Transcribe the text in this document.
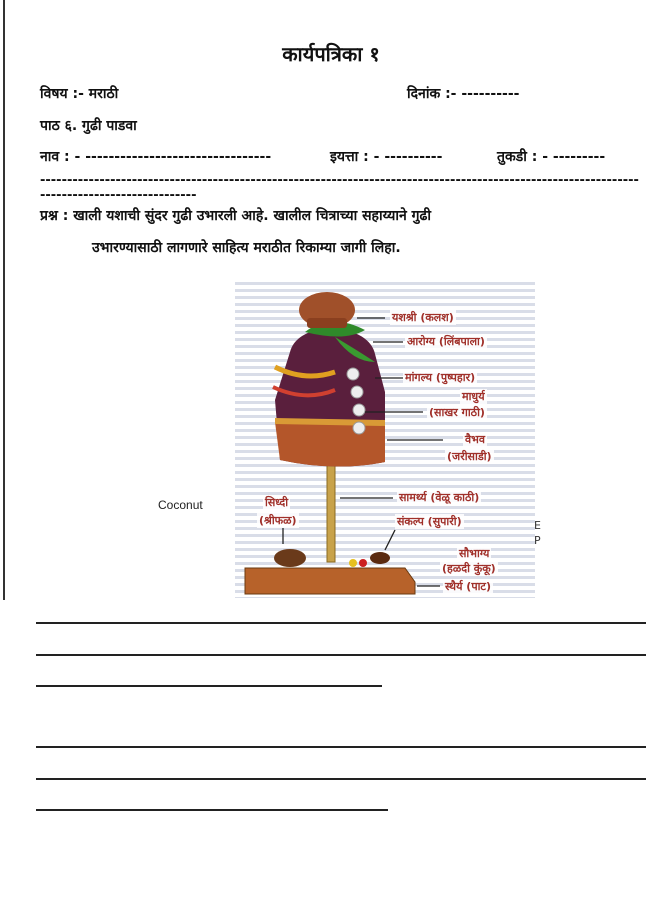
कार्यपत्रिका १
विषय :- मराठी	दिनांक :- ----------
पाठ ६. गुढी पाडवा
नाव : - --------------------------------	इयत्ता : - ----------	तुकडी : - ---------
--------------------------------------------------------------------------------------------------------------------------------------------
प्रश्न : खाली यशाची सुंदर गुढी उभारली आहे. खालील चित्राच्या सहाय्याने गुढी
उभारण्यासाठी लागणारे साहित्य मराठीत रिकाम्या जागी लिहा.
यशश्री (कलश)
आरोग्य (लिंबपाला)
मांगल्य (पुष्पहार)
माधुर्य
(साखर गाठी)
वैभव
(जरीसाडी)
सामर्थ्य (वेळू काठी)
सिध्दी
(श्रीफळ)	संकल्प (सुपारी)
सौभाग्य
(हळदी कुंकू)
स्थैर्य (पाट)
Coconut
E
P
